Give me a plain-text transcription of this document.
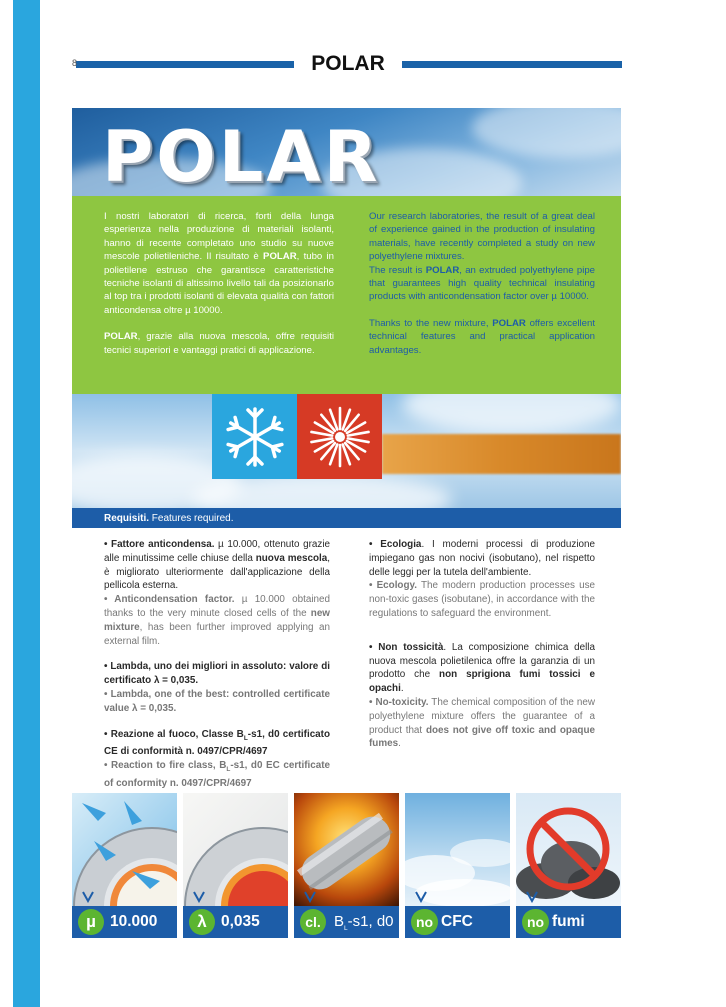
8	POLAR
POLAR

I nostri laboratori di ricerca, forti della lunga esperienza nella produzione di materiali isolanti, hanno di recente completato uno studio su nuove mescole polietileniche. Il risultato è POLAR, tubo in polietilene estruso che garantisce caratteristiche tecniche isolanti di altissimo livello tali da posizionarlo al top tra i prodotti isolanti di elevata qualità con fattori anticondensa oltre µ 10000.

POLAR, grazie alla nuova mescola, offre requisiti tecnici superiori e vantaggi pratici di applicazione.

Our research laboratories, the result of a great deal of experience gained in the production of insulating materials, have recently completed a study on new polyethylene mixtures.

The result is POLAR, an extruded polyethylene pipe that guarantees high quality technical insulating products with anticondensation factor over µ 10000.

Thanks to the new mixture, POLAR offers excellent technical features and practical application advantages.

Requisiti. Features required.
• Fattore anticondensa. µ 10.000, ottenuto grazie alle minutissime celle chiuse della nuova mescola, è migliorato ulteriormente dall'applicazione della pellicola esterna.
• Anticondensation factor. µ 10.000 obtained thanks to the very minute closed cells of the new mixture, has been further improved applying an external film.
• Lambda, uno dei migliori in assoluto: valore di certificato λ = 0,035.
• Lambda, one of the best: controlled certificate value λ = 0,035.
• Reazione al fuoco, Classe $B_L-s1$, d0 certificato CE di conformità n. 0497/CPR/4697
• Reaction to fire class, $B_L-s1$, d0 EC certificate of conformity n. 0497/CPR/4697
• Ecologia. I moderni processi di produzione impiegano gas non nocivi (isobutano), nel rispetto delle leggi per la tutela dell'ambiente.
• Ecology. The modern production processes use non-toxic gases (isobutane), in accordance with the regulations to safeguard the environment.
• Non tossicità. La composizione chimica della nuova mescola polietilenica offre la garanzia di un prodotto che non sprigiona fumi tossici e opachi.
• No-toxicity. The chemical composition of the new polyethylene mixture offers the guarantee of a product that does not give off toxic and opaque fumes.
µ 10.000	λ 0,035	cl. $B_L-s1$, d0	no CFC	no fumi
